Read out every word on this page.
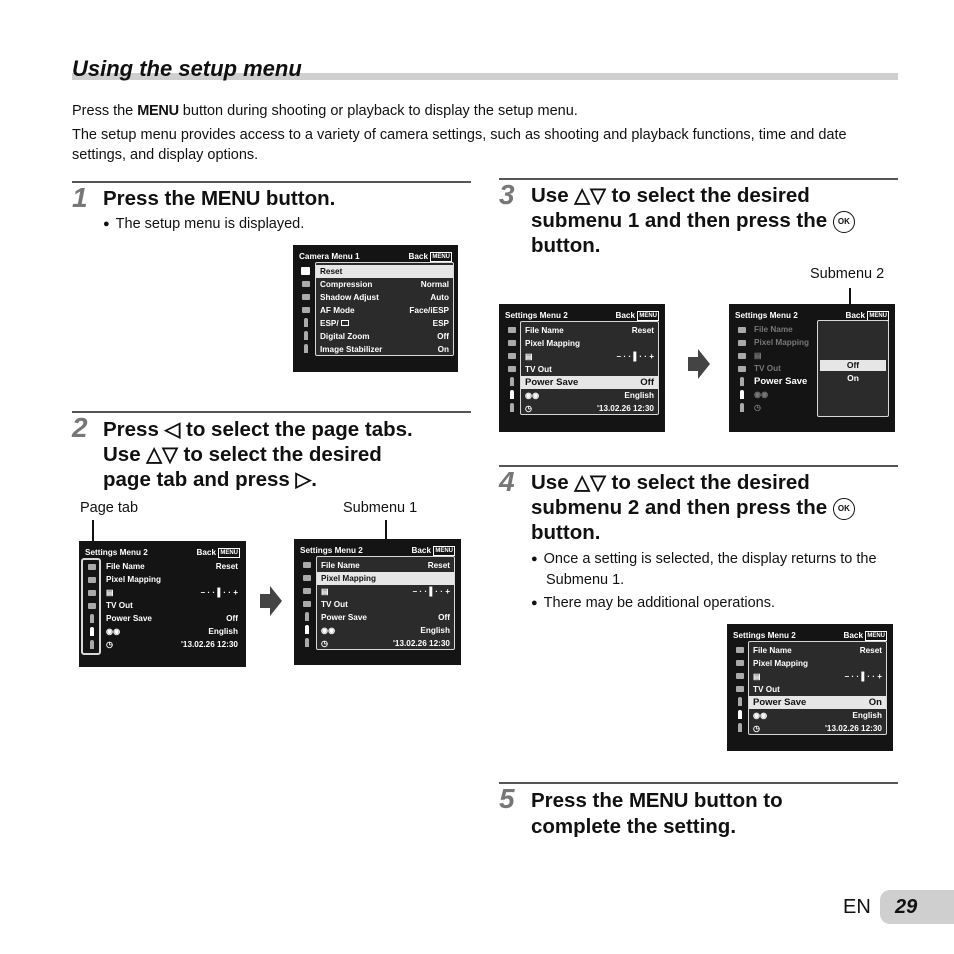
Using the setup menu
Press the MENU button during shooting or playback to display the setup menu.
The setup menu provides access to a variety of camera settings, such as shooting and playback functions, time and date settings, and display options.
1 Press the MENU button.
● The setup menu is displayed.
Camera Menu 1	Back MENU
Reset
Compression	Normal
Shadow Adjust	Auto
AF Mode	Face/iESP
ESP/	ESP
Digital Zoom	Off
Image Stabilizer	On
2 Press ◁ to select the page tabs.
Use △▽ to select the desired
page tab and press ▷.
Page tab	Submenu 1
Settings Menu 2	Back MENU
File Name	Reset
Pixel Mapping
▤	– · · ▌· · +
TV Out
Power Save	Off
◉◉	English
◷	'13.02.26 12:30
Settings Menu 2	Back MENU
File Name	Reset
Pixel Mapping
▤	– · · ▌· · +
TV Out
Power Save	Off
◉◉	English
◷	'13.02.26 12:30
3 Use △▽ to select the desired
submenu 1 and then press the OK
button.
Submenu 2
Settings Menu 2	Back MENU
File Name	Reset
Pixel Mapping
▤	– · · ▌· · +
TV Out
Power Save	Off
◉◉	English
◷	'13.02.26 12:30
Settings Menu 2	Back MENU
File Name
Pixel Mapping
▤
TV Out
Power Save
◉◉
◷
Off
On
4 Use △▽ to select the desired
submenu 2 and then press the OK
button.
● Once a setting is selected, the display returns to the Submenu 1.
● There may be additional operations.
Settings Menu 2	Back MENU
File Name	Reset
Pixel Mapping
▤	– · · ▌· · +
TV Out
Power Save	On
◉◉	English
◷	'13.02.26 12:30
5 Press the MENU button to
complete the setting.
EN	29
